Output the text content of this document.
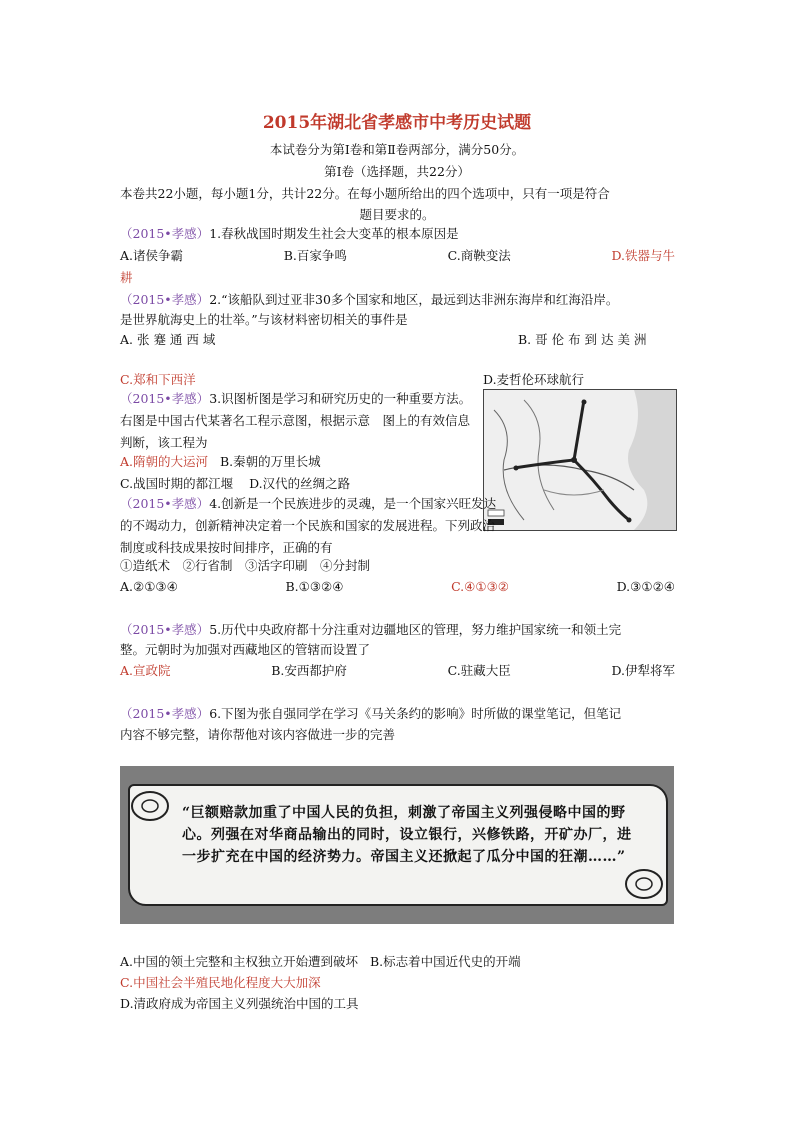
2015年湖北省孝感市中考历史试题
本试卷分为第Ⅰ卷和第Ⅱ卷两部分，满分50分。
第Ⅰ卷（选择题，共22分）
本卷共22小题，每小题1分，共计22分。在每小题所给出的四个选项中，只有一项是符合
题目要求的。
（2015•孝感）1.春秋战国时期发生社会大变革的根本原因是
A.诸侯争霸	B.百家争鸣	C.商鞅变法	D.铁器与牛
耕
（2015•孝感）2.“该船队到过亚非30多个国家和地区，最远到达非洲东海岸和红海沿岸。
是世界航海史上的壮举。”与该材料密切相关的事件是
A. 张 蹇 通 西 域	B. 哥 伦 布 到 达 美 洲
C.郑和下西洋	D.麦哲伦环球航行
（2015•孝感）3.识图析图是学习和研究历史的一种重要方法。　右图是中国古代某著名工程示意图，根据示意　图上的有效信息判断，该工程为
A.隋朝的大运河 B.秦朝的万里长城
C.战国时期的都江堰 D.汉代的丝绸之路
（2015•孝感）4.创新是一个民族进步的灵魂，是一个国家兴旺发达的不竭动力，创新精神决定着一个民族和国家的发展进程。下列政治制度或科技成果按时间排序，正确的有
①造纸术　②行省制　③活字印刷　④分封制
A.②①③④	B.①③②④	C.④①③②	D.③①②④
（2015•孝感）5.历代中央政府都十分注重对边疆地区的管理，努力维护国家统一和领土完
整。元朝时为加强对西藏地区的管辖而设置了
A.宣政院	B.安西都护府	C.驻藏大臣	D.伊犁将军
（2015•孝感）6.下图为张自强同学在学习《马关条约的影响》时所做的课堂笔记，但笔记
内容不够完整，请你帮他对该内容做进一步的完善
“巨额赔款加重了中国人民的负担，刺激了帝国主义列强侵略中国的野心。列强在对华商品输出的同时，设立银行，兴修铁路，开矿办厂，进一步扩充在中国的经济势力。帝国主义还掀起了瓜分中国的狂潮……”
A.中国的领土完整和主权独立开始遭到破坏 B.标志着中国近代史的开端
C.中国社会半殖民地化程度大大加深
D.清政府成为帝国主义列强统治中国的工具
